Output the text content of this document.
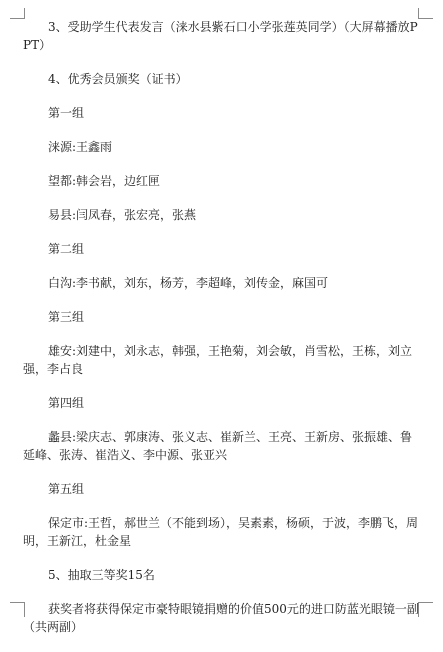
3、受助学生代表发言（涞水县紫石口小学张莲英同学）（大屏幕播放PPT）

4、优秀会员颁奖（证书）

第一组

涞源:王鑫雨

望都:韩会岩，边红匣

易县:闫凤春，张宏亮，张燕

第二组

白沟:李书献，刘东，杨芳，李超峰，刘传金，麻国可

第三组

雄安:刘建中，刘永志，韩强，王艳菊，刘会敏，肖雪松，王栋，刘立强，李占良

第四组

蠡县:梁庆志、郭康涛、张义志、崔新兰、王亮、王新房、张振雄、鲁延峰、张涛、崔浩义、李中源、张亚兴

第五组

保定市:王哲，郝世兰（不能到场），吴素素，杨硕，于波，李鹏飞，周明，王新江，杜金星

5、抽取三等奖15名

获奖者将获得保定市豪特眼镜捐赠的价值500元的进口防蓝光眼镜一副（共两副）
